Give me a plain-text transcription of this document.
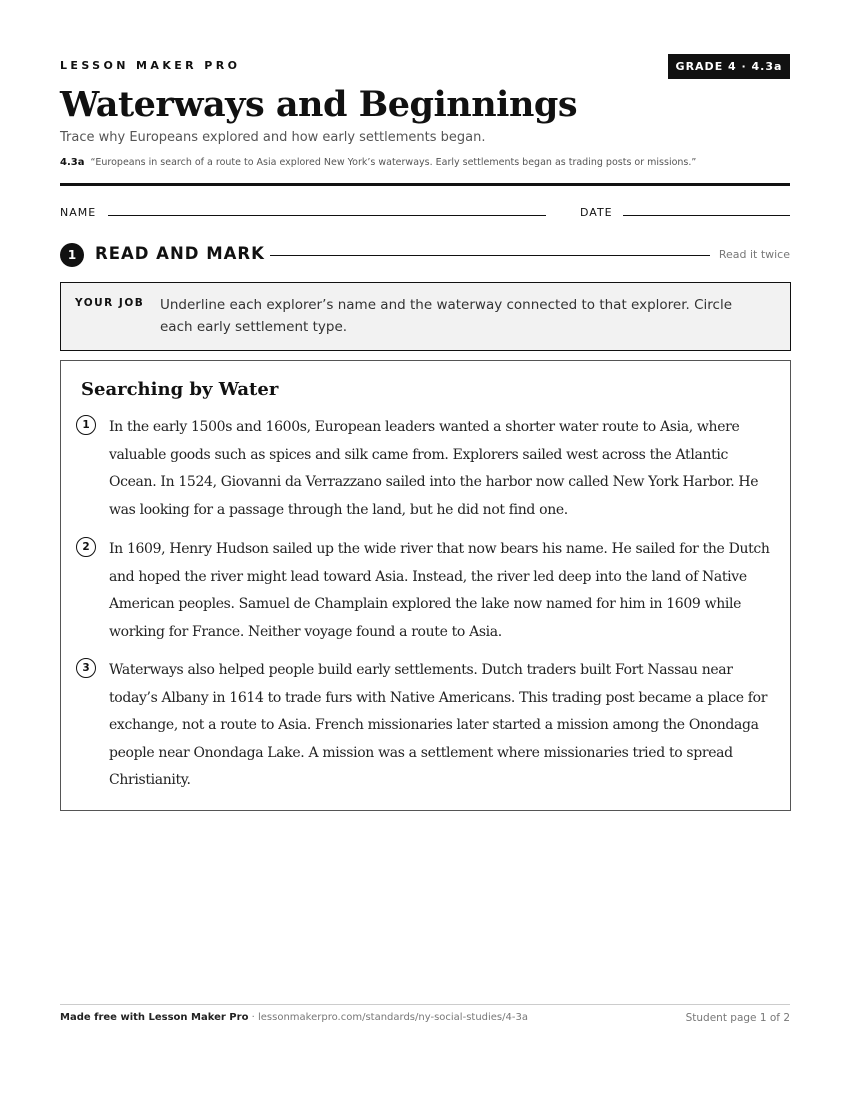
LESSON MAKER PRO	GRADE 4 · 4.3a
Waterways and Beginnings
Trace why Europeans explored and how early settlements began.
4.3a “Europeans in search of a route to Asia explored New York’s waterways. Early settlements began as trading posts or missions.”
NAME	DATE
1	READ AND MARK	Read it twice
YOUR JOB Underline each explorer’s name and the waterway connected to that explorer. Circle each early settlement type.
Searching by Water
1	In the early 1500s and 1600s, European leaders wanted a shorter water route to Asia, where valuable goods such as spices and silk came from. Explorers sailed west across the Atlantic Ocean. In 1524, Giovanni da Verrazzano sailed into the harbor now called New York Harbor. He was looking for a passage through the land, but he did not find one.

2	In 1609, Henry Hudson sailed up the wide river that now bears his name. He sailed for the Dutch and hoped the river might lead toward Asia. Instead, the river led deep into the land of Native American peoples. Samuel de Champlain explored the lake now named for him in 1609 while working for France. Neither voyage found a route to Asia.

3	Waterways also helped people build early settlements. Dutch traders built Fort Nassau near today’s Albany in 1614 to trade furs with Native Americans. This trading post became a place for exchange, not a route to Asia. French missionaries later started a mission among the Onondaga people near Onondaga Lake. A mission was a settlement where missionaries tried to spread Christianity.

Made free with Lesson Maker Pro · lessonmakerpro.com/standards/ny-social-studies/4-3a	Student page 1 of 2
